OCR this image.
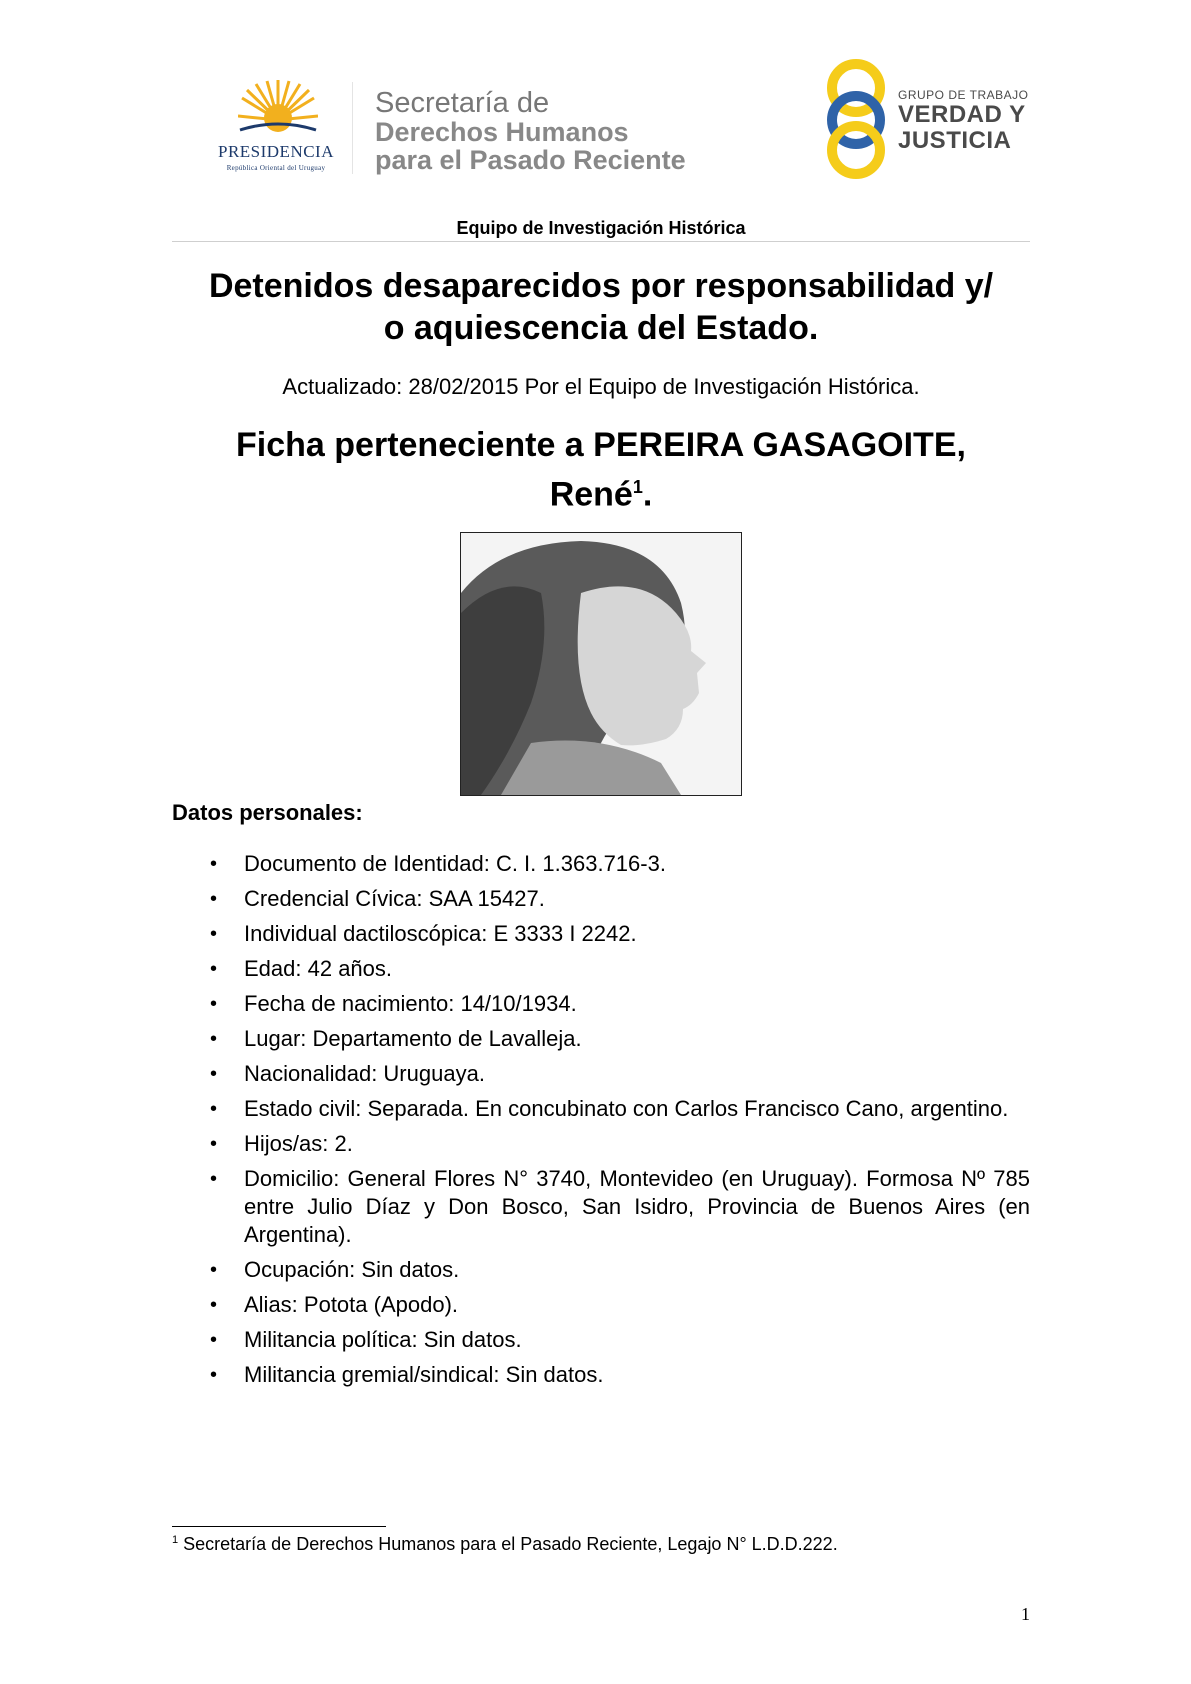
PRESIDENCIA
República Oriental del Uruguay
Secretaría de
Derechos Humanos
para el Pasado Reciente
GRUPO DE TRABAJO
VERDAD Y
JUSTICIA
Equipo de Investigación Histórica
Detenidos desaparecidos por responsabilidad y/
o aquiescencia del Estado.
Actualizado: 28/02/2015 Por el Equipo de Investigación Histórica.
Ficha perteneciente a PEREIRA GASAGOITE,
René$^1$.
Datos personales:
• Documento de Identidad: C. I. 1.363.716-3.
• Credencial Cívica: SAA 15427.
• Individual dactiloscópica: E 3333 I 2242.
• Edad: 42 años.
• Fecha de nacimiento: 14/10/1934.
• Lugar: Departamento de Lavalleja.
• Nacionalidad: Uruguaya.
• Estado civil: Separada. En concubinato con Carlos Francisco Cano, argentino.
• Hijos/as: 2.
• Domicilio: General Flores N° 3740, Montevideo (en Uruguay). Formosa Nº 785 entre Julio Díaz y Don Bosco, San Isidro, Provincia de Buenos Aires (en Argentina).
• Ocupación: Sin datos.
• Alias: Potota (Apodo).
• Militancia política: Sin datos.
• Militancia gremial/sindical: Sin datos.
$^1$ Secretaría de Derechos Humanos para el Pasado Reciente, Legajo N° L.D.D.222.
1
